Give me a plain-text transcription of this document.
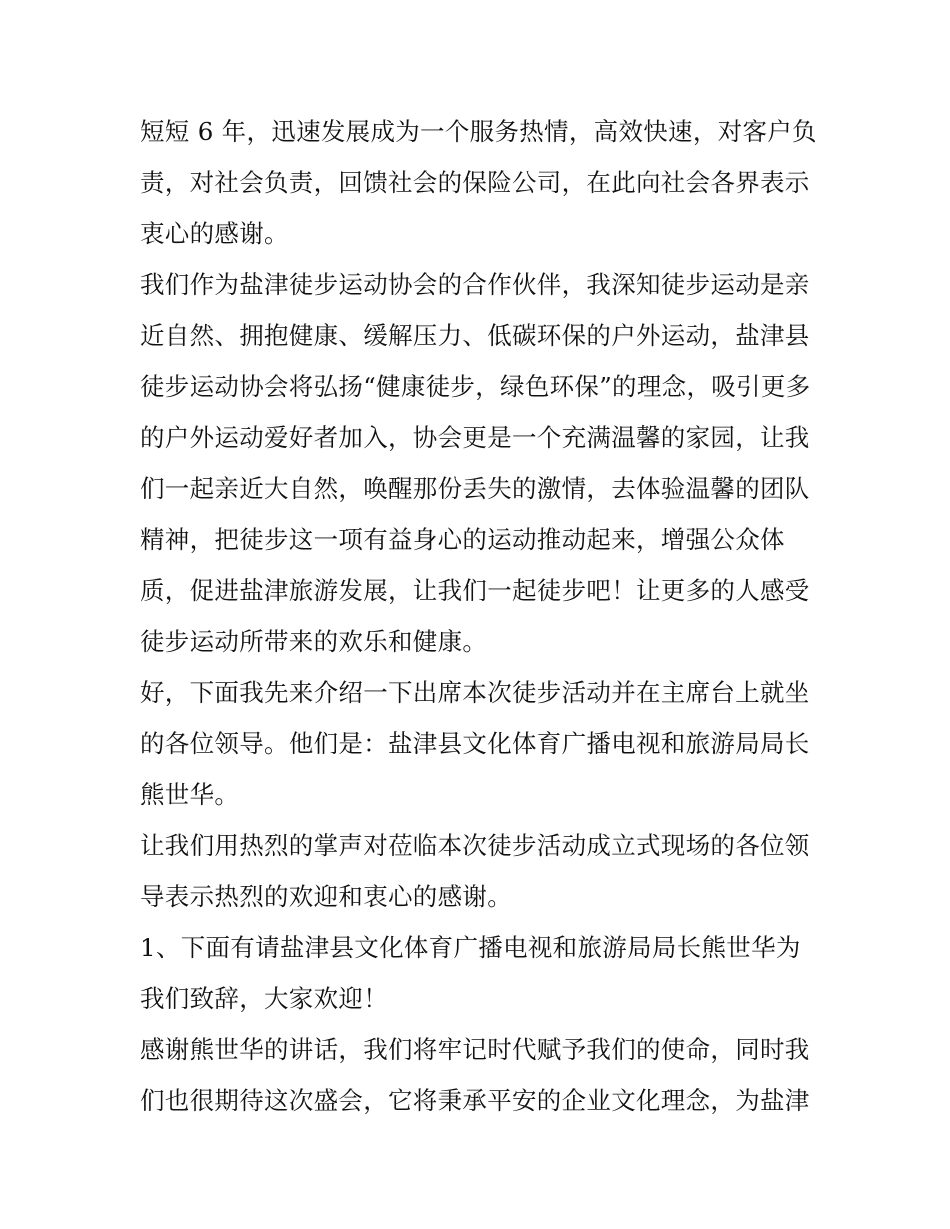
短短 6 年，迅速发展成为一个服务热情，高效快速，对客户负
责，对社会负责，回馈社会的保险公司，在此向社会各界表示
衷心的感谢。
我们作为盐津徒步运动协会的合作伙伴，我深知徒步运动是亲
近自然、拥抱健康、缓解压力、低碳环保的户外运动，盐津县
徒步运动协会将弘扬“健康徒步，绿色环保”的理念，吸引更多
的户外运动爱好者加入，协会更是一个充满温馨的家园，让我
们一起亲近大自然，唤醒那份丢失的激情，去体验温馨的团队
精神，把徒步这一项有益身心的运动推动起来，增强公众体
质，促进盐津旅游发展，让我们一起徒步吧！让更多的人感受
徒步运动所带来的欢乐和健康。
好，下面我先来介绍一下出席本次徒步活动并在主席台上就坐
的各位领导。他们是：盐津县文化体育广播电视和旅游局局长
熊世华。
让我们用热烈的掌声对莅临本次徒步活动成立式现场的各位领
导表示热烈的欢迎和衷心的感谢。
1、下面有请盐津县文化体育广播电视和旅游局局长熊世华为
我们致辞，大家欢迎！
感谢熊世华的讲话，我们将牢记时代赋予我们的使命，同时我
们也很期待这次盛会，它将秉承平安的企业文化理念，为盐津
